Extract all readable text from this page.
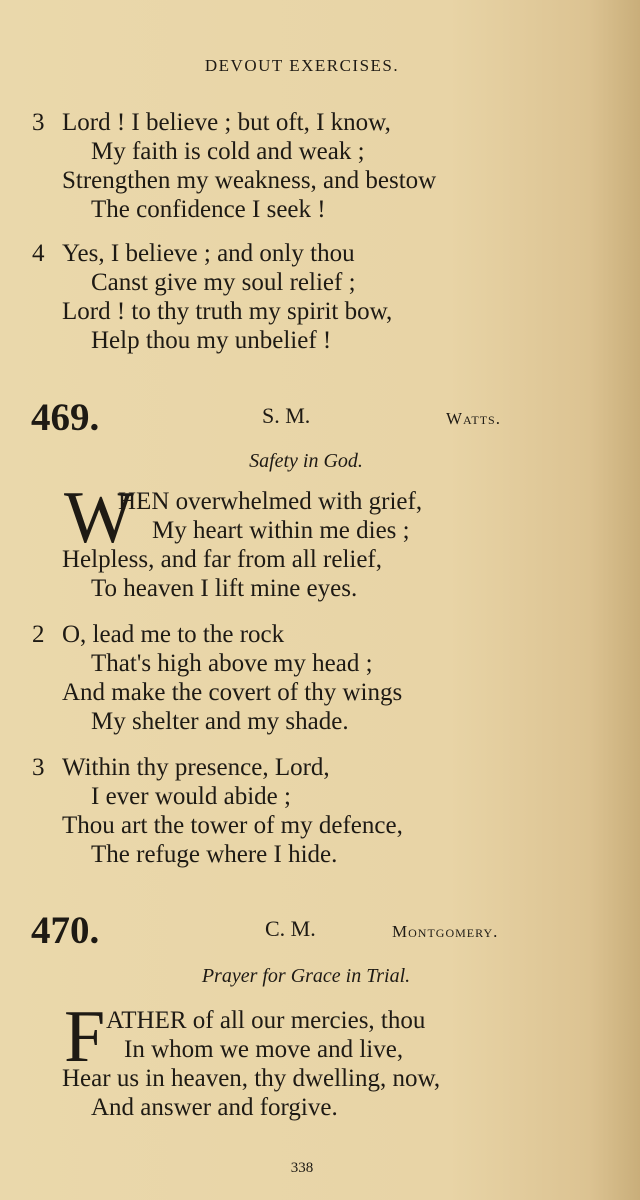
DEVOUT EXERCISES.
3 Lord ! I believe ; but oft, I know,
My faith is cold and weak ;
Strengthen my weakness, and bestow
The confidence I seek !
4 Yes, I believe ; and only thou
Canst give my soul relief ;
Lord ! to thy truth my spirit bow,
Help thou my unbelief !
469.	S. M.	Watts.
Safety in God.
W
HEN overwhelmed with grief,
My heart within me dies ;
Helpless, and far from all relief,
To heaven I lift mine eyes.
2 O, lead me to the rock
That's high above my head ;
And make the covert of thy wings
My shelter and my shade.
3 Within thy presence, Lord,
I ever would abide ;
Thou art the tower of my defence,
The refuge where I hide.
470.	C. M.	Montgomery.
Prayer for Grace in Trial.
F ATHER of all our mercies, thou
In whom we move and live,
Hear us in heaven, thy dwelling, now,
And answer and forgive.
338
